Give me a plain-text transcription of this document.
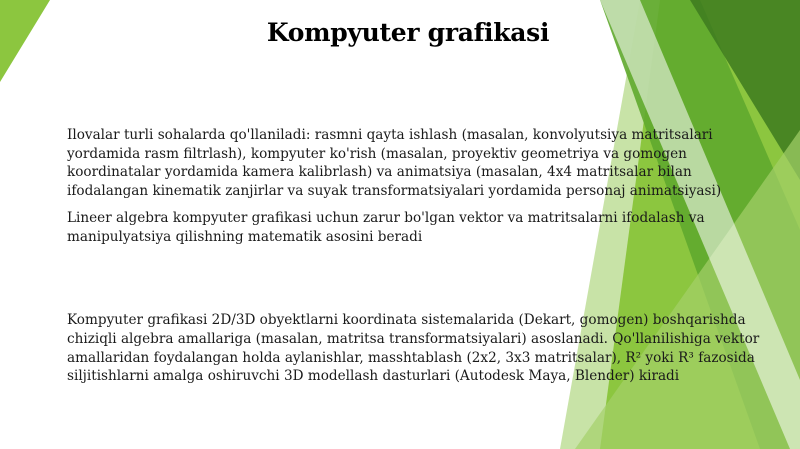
Kompyuter grafikasi

Ilovalar turli sohalarda qo'llaniladi: rasmni qayta ishlash (masalan, konvolyutsiya matritsalari yordamida rasm filtrlash), kompyuter ko'rish (masalan, proyektiv geometriya va gomogen koordinatalar yordamida kamera kalibrlash) va animatsiya (masalan, 4x4 matritsalar bilan ifodalangan kinematik zanjirlar va suyak transformatsiyalari yordamida personaj animatsiyasi)

Lineer algebra kompyuter grafikasi uchun zarur bo'lgan vektor va matritsalarni ifodalash va manipulyatsiya qilishning matematik asosini beradi

Kompyuter grafikasi 2D/3D obyektlarni koordinata sistemalarida (Dekart, gomogen) boshqarishda chiziqli algebra amallariga (masalan, matritsa transformatsiyalari) asoslanadi. Qo'llanilishiga vektor amallaridan foydalangan holda aylanishlar, masshtablash (2x2, 3x3 matritsalar), R² yoki R³ fazosida siljitishlarni amalga oshiruvchi 3D modellash dasturlari (Autodesk Maya, Blender) kiradi
